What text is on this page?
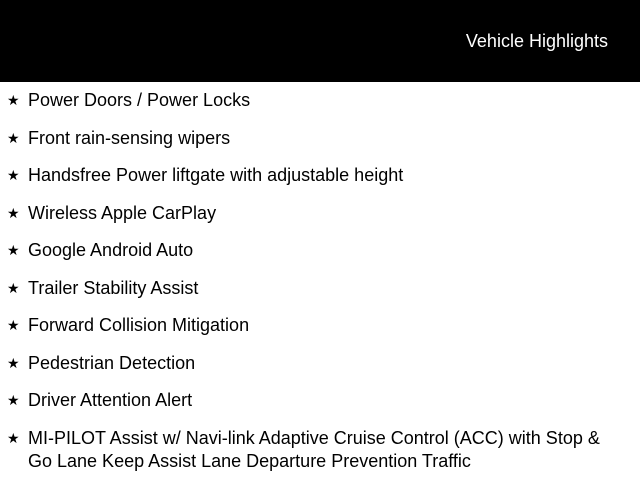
Vehicle Highlights
★ Power Doors / Power Locks
★ Front rain-sensing wipers
★ Handsfree Power liftgate with adjustable height
★ Wireless Apple CarPlay
★ Google Android Auto
★ Trailer Stability Assist
★ Forward Collision Mitigation
★ Pedestrian Detection
★ Driver Attention Alert
★ MI-PILOT Assist w/ Navi-link Adaptive Cruise Control (ACC) with Stop & Go Lane Keep Assist Lane Departure Prevention Traffic
